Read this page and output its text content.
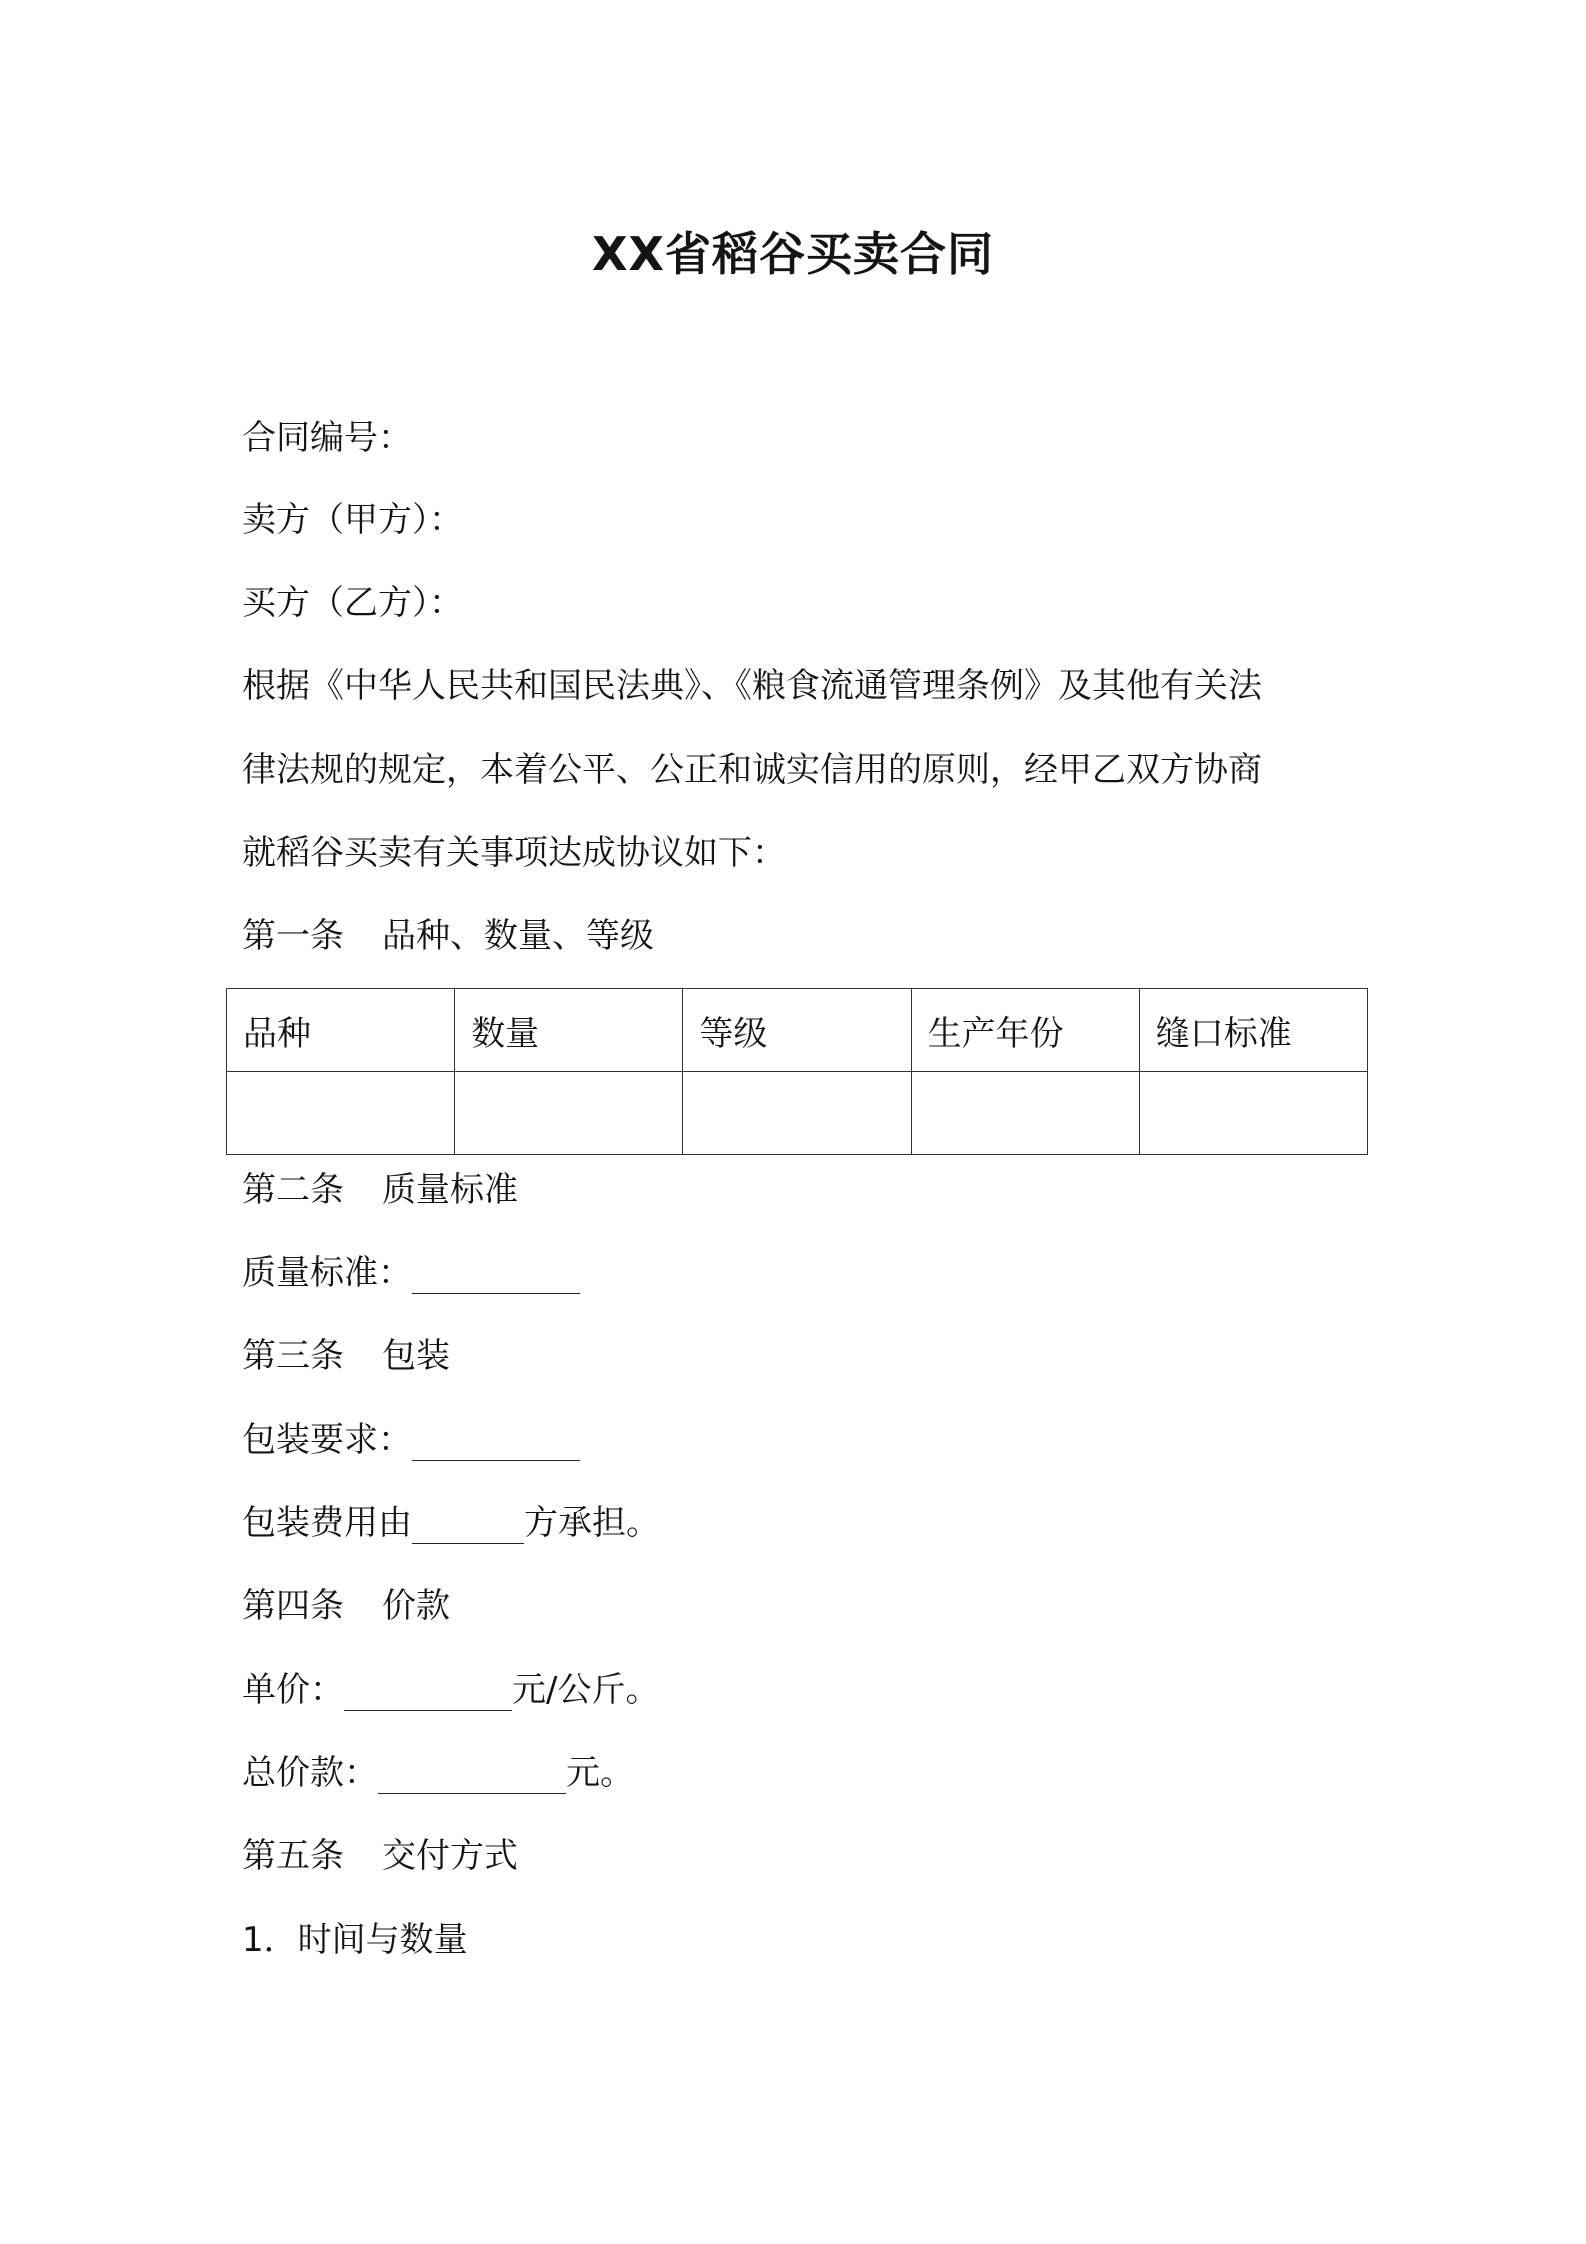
XX省稻谷买卖合同
合同编号：
卖方（甲方）：
买方（乙方）：
根据《中华人民共和国民法典》、《粮食流通管理条例》及其他有关法
律法规的规定，本着公平、公正和诚实信用的原则，经甲乙双方协商
就稻谷买卖有关事项达成协议如下：
第一条 品种、数量、等级
品种	数量	等级	生产年份	缝口标准

第二条 质量标准
质量标准：
第三条 包装
包装要求：
包装费用由	方承担。
第四条 价款
单价：	元/公斤。
总价款：	元。
第五条 交付方式
1．时间与数量
